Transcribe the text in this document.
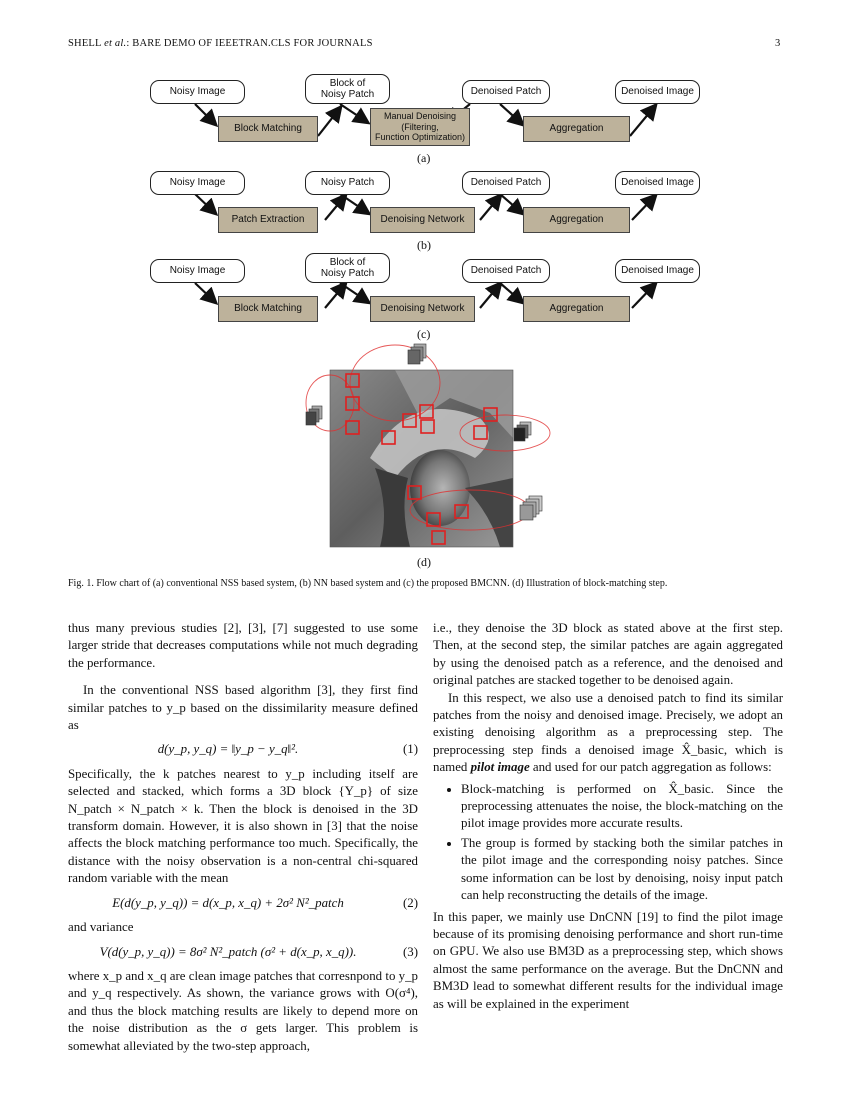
SHELL et al.: BARE DEMO OF IEEETRAN.CLS FOR JOURNALS	3
Noisy Image
Block of
Noisy Patch	Denoised Patch	Denoised Image
Block Matching
Manual Denoising
(Filtering,
Function Optimization)
Aggregation
(a)
Noisy Image	Noisy Patch	Denoised Patch	Denoised Image
Patch Extraction	Denoising Network	Aggregation
(b)
Noisy Image
Block of
Noisy Patch	Denoised Patch	Denoised Image
Block Matching	Denoising Network	Aggregation
(c)
(d)
Fig. 1. Flow chart of (a) conventional NSS based system, (b) NN based system and (c) the proposed BMCNN. (d) Illustration of block-matching step.

thus many previous studies [2], [3], [7] suggested to use some larger stride that decreases computations while not much degrading the performance.

In the conventional NSS based algorithm [3], they first find similar patches to y_p based on the dissimilarity measure defined as

d(y_p, y_q) = ‖y_p − y_q‖².	(1)

Specifically, the k patches nearest to y_p including itself are selected and stacked, which forms a 3D block {Y_p} of size N_patch × N_patch × k. Then the block is denoised in the 3D transform domain. However, it is also shown in [3] that the noise affects the block matching performance too much. Specifically, the distance with the noisy observation is a non-central chi-squared random variable with the mean

E(d(y_p, y_q)) = d(x_p, x_q) + 2σ² N²_patch	(2)

and variance

V(d(y_p, y_q)) = 8σ² N²_patch (σ² + d(x_p, x_q)).	(3)

where x_p and x_q are clean image patches that corresnpond to y_p and y_q respectively. As shown, the variance grows with O(σ⁴), and thus the block matching results are likely to depend more on the noise distribution as the σ gets larger. This problem is somewhat alleviated by the two-step approach,

i.e., they denoise the 3D block as stated above at the first step. Then, at the second step, the similar patches are again aggregated by using the denoised patch as a reference, and the denoised and original patches are stacked together to be denoised again.

In this respect, we also use a denoised patch to find its similar patches from the noisy and denoised image. Precisely, we adopt an existing denoising algorithm as a preprocessing step. The preprocessing step finds a denoised image X̂_basic, which is named pilot image and used for our patch aggregation as follows:

• Block-matching is performed on X̂_basic. Since the preprocessing attenuates the noise, the block-matching on the pilot image provides more accurate results.
• The group is formed by stacking both the similar patches in the pilot image and the corresponding noisy patches. Since some information can be lost by denoising, noisy input patch can help reconstructing the details of the image.

In this paper, we mainly use DnCNN [19] to find the pilot image because of its promising denoising performance and short run-time on GPU. We also use BM3D as a preprocessing step, which shows almost the same performance on the average. But the DnCNN and BM3D lead to somewhat different results for the individual image as will be explained in the experiment
